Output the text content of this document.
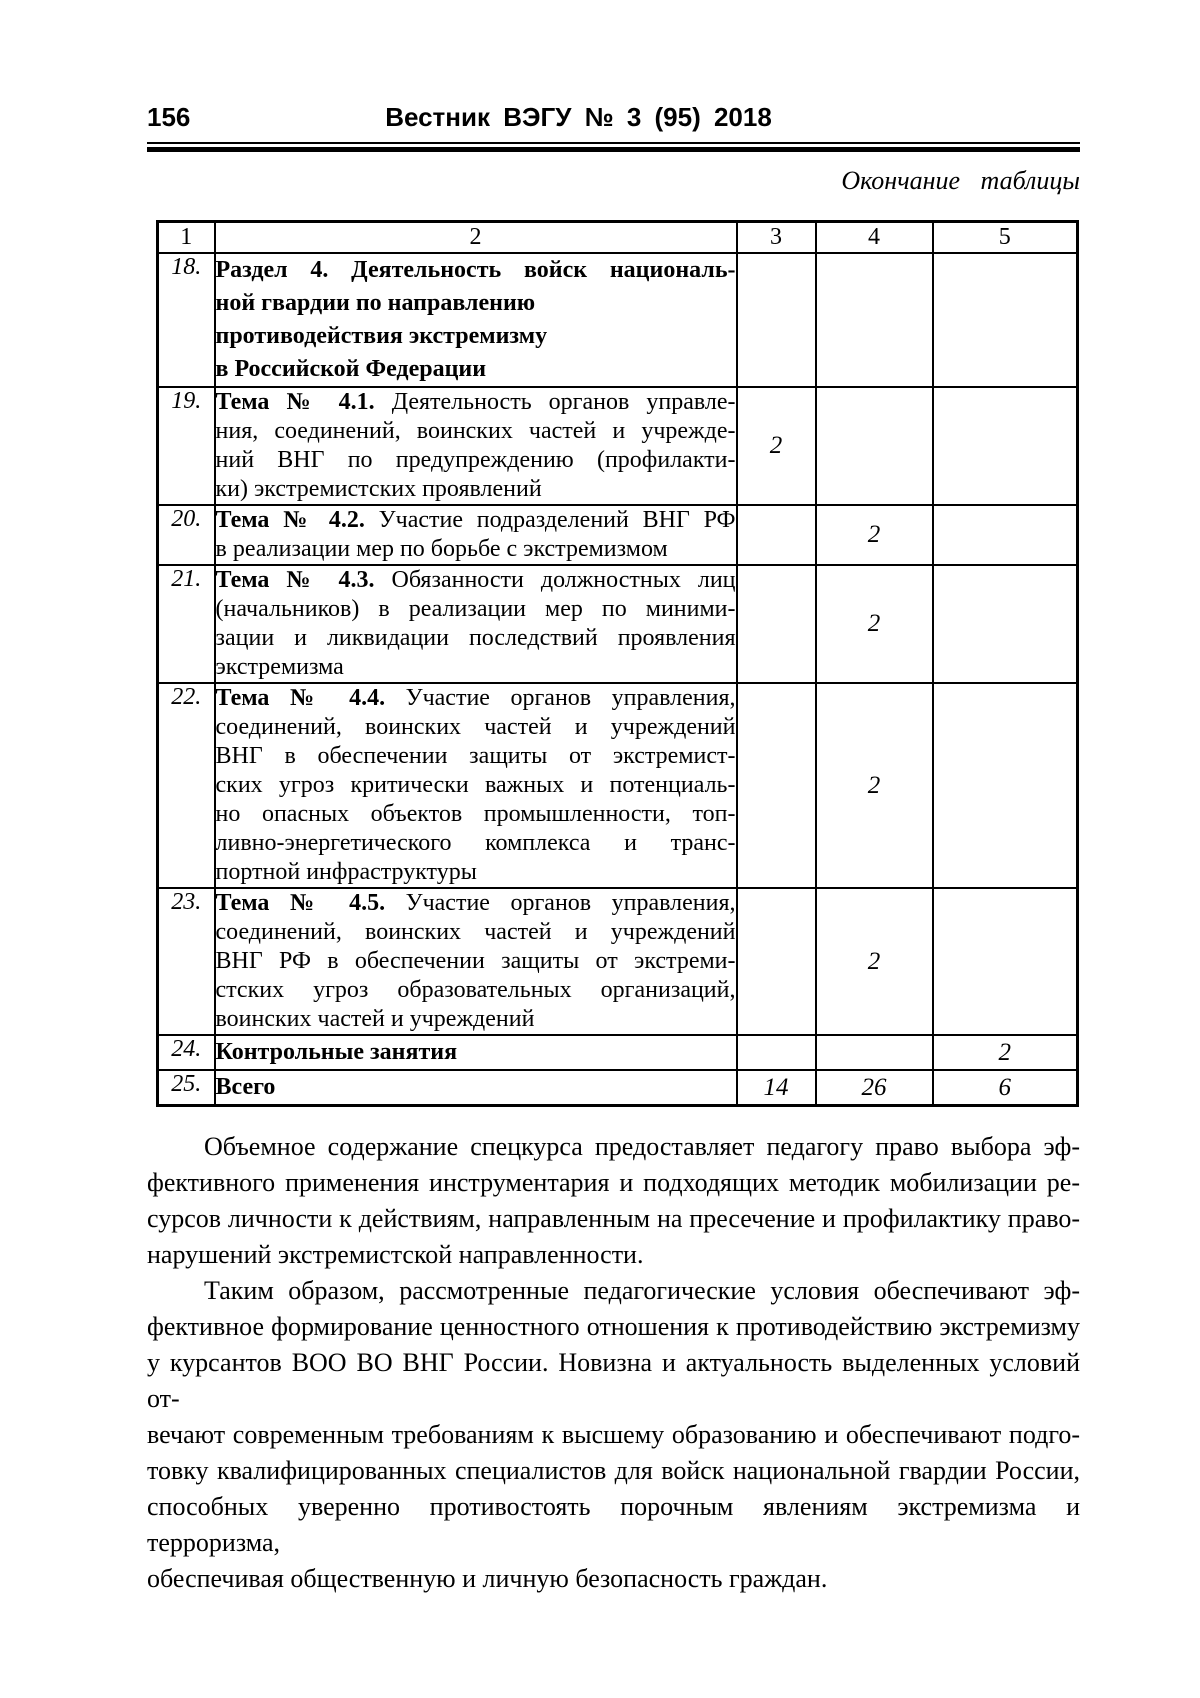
156	Вестник ВЭГУ № 3 (95) 2018
Окончание таблицы
1	2	3	4	5
18.	Раздел 4. Деятельность войск националь-
ной гвардии по направлению
противодействия экстремизму
в Российской Федерации			

19.	Тема № 4.1. Деятельность органов управле-
ния, соединений, воинских частей и учрежде-
ний ВНГ по предупреждению (профилакти-
ки) экстремистских проявлений	2		
20.	Тема № 4.2. Участие подразделений ВНГ РФ
в реализации мер по борьбе с экстремизмом		2	
21.	Тема № 4.3. Обязанности должностных лиц
(начальников) в реализации мер по миними-
зации и ликвидации последствий проявления
экстремизма		2	
22.	Тема № 4.4. Участие органов управления,
соединений, воинских частей и учреждений
ВНГ в обеспечении защиты от экстремист-
ских угроз критически важных и потенциаль-
но опасных объектов промышленности, топ-
ливно-энергетического комплекса и транс-
портной инфраструктуры
		2	
23.	Тема № 4.5. Участие органов управления,
соединений, воинских частей и учреждений
ВНГ РФ в обеспечении защиты от экстреми-
стских угроз образовательных организаций,
воинских частей и учреждений		2	
24.	Контрольные занятия			2
25.	Всего	14	26	6
Объемное содержание спецкурса предоставляет педагогу право выбора эф-
фективного применения инструментария и подходящих методик мобилизации ре-
сурсов личности к действиям, направленным на пресечение и профилактику право-
нарушений экстремистской направленности.
Таким образом, рассмотренные педагогические условия обеспечивают эф-
фективное формирование ценностного отношения к противодействию экстремизму
у курсантов ВОО ВО ВНГ России. Новизна и актуальность выделенных условий от-
вечают современным требованиям к высшему образованию и обеспечивают подго-
товку квалифицированных специалистов для войск национальной гвардии России,
способных уверенно противостоять порочным явлениям экстремизма и терроризма,
обеспечивая общественную и личную безопасность граждан.
